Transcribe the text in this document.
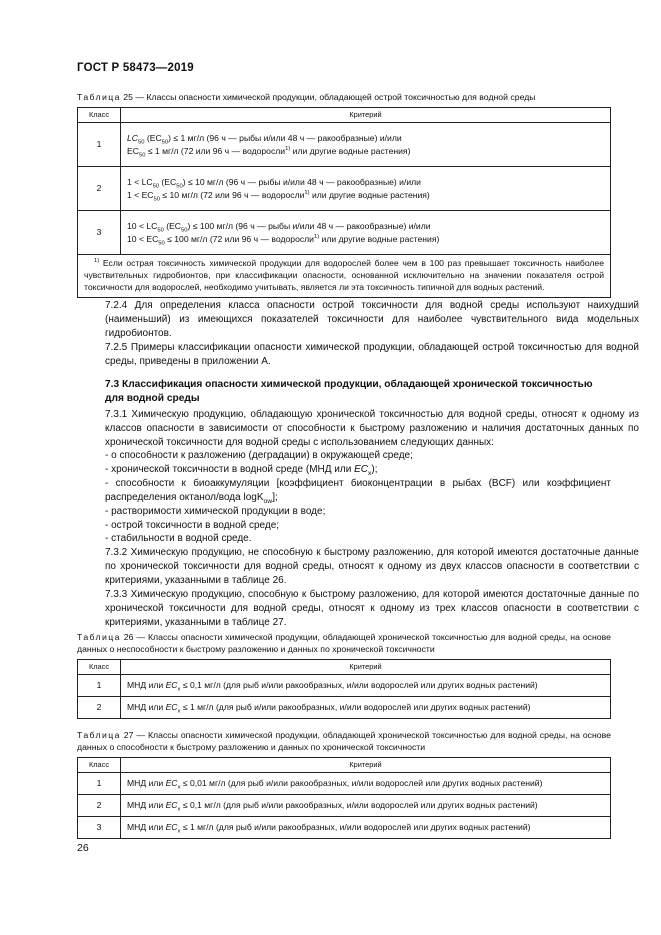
ГОСТ Р 58473—2019
Таблица 25 — Классы опасности химической продукции, обладающей острой токсичностью для водной среды
Класс	Критерий
1	$LC_{50}$ $(EC_{50}) \le 1$ мг/л (96 ч — рыбы и/или 48 ч — ракообразные) и/или
$EC_{50} \le 1$ мг/л (72 или 96 ч — водоросли$^{1)}$ или другие водные растения)

2	$1 < LC_{50}$ $(EC_{50}) \le 10$ мг/л (96 ч — рыбы и/или 48 ч — ракообразные) и/или
$1 < EC_{50} \le 10$ мг/л (72 или 96 ч — водоросли$^{1)}$ или другие водные растения)

3	$10 < LC_{50}$ $(EC_{50}) \le 100$ мг/л (96 ч — рыбы и/или 48 ч — ракообразные) и/или
$10 < EC_{50} \le 100$ мг/л (72 или 96 ч — водоросли$^{1)}$ или другие водные растения)

$^{1)}$ Если острая токсичность химической продукции для водорослей более чем в 100 раз превышает токсичность наиболее чувствительных гидробионтов, при классификации опасности, основанной исключительно на значении показателя острой токсичности для водорослей, необходимо учитывать, является ли эта токсичность типичной для водных растений.	
7.2.4 Для определения класса опасности острой токсичности для водной среды используют наихудший (наименьший) из имеющихся показателей токсичности для наиболее чувствительного вида модельных гидробионтов.
7.2.5 Примеры классификации опасности химической продукции, обладающей острой токсичностью для водной среды, приведены в приложении А.
7.3 Классификация опасности химической продукции, обладающей хронической токсичностью для водной среды
7.3.1 Химическую продукцию, обладающую хронической токсичностью для водной среды, относят к одному из классов опасности в зависимости от способности к быстрому разложению и наличия достаточных данных по хронической токсичности для водной среды с использованием следующих данных:
- о способности к разложению (деградации) в окружающей среде;
- хронической токсичности в водной среде (МНД или $EC_x$);
- способности к биоаккумуляции [коэффициент биоконцентрации в рыбах (BCF) или коэффициент распределения октанол/вода logK$_{ow}$];
- растворимости химической продукции в воде;
- острой токсичности в водной среде;
- стабильности в водной среде.
7.3.2 Химическую продукцию, не способную к быстрому разложению, для которой имеются достаточные данные по хронической токсичности для водной среды, относят к одному из двух классов опасности в соответствии с критериями, указанными в таблице 26.
7.3.3 Химическую продукцию, способную к быстрому разложению, для которой имеются достаточные данные по хронической токсичности для водной среды, относят к одному из трех классов опасности в соответствии с критериями, указанными в таблице 27.
Таблица 26 — Классы опасности химической продукции, обладающей хронической токсичностью для водной среды, на основе данных о неспособности к быстрому разложению и данных по хронической токсичности
Класс	Критерий
1	МНД или $EC_x \le 0,1$ мг/л (для рыб и/или ракообразных, и/или водорослей или других водных растений)
2	МНД или $EC_x \le 1$ мг/л (для рыб и/или ракообразных, и/или водорослей или других водных растений)
Таблица 27 — Классы опасности химической продукции, обладающей хронической токсичностью для водной среды, на основе данных о способности к быстрому разложению и данных по хронической токсичности
Класс	Критерий
1	МНД или $EC_x \le 0,01$ мг/л (для рыб и/или ракообразных, и/или водорослей или других водных растений)
2	МНД или $EC_x \le 0,1$ мг/л (для рыб и/или ракообразных, и/или водорослей или других водных растений)
3	МНД или $EC_x \le 1$ мг/л (для рыб и/или ракообразных, и/или водорослей или других водных растений)
26
